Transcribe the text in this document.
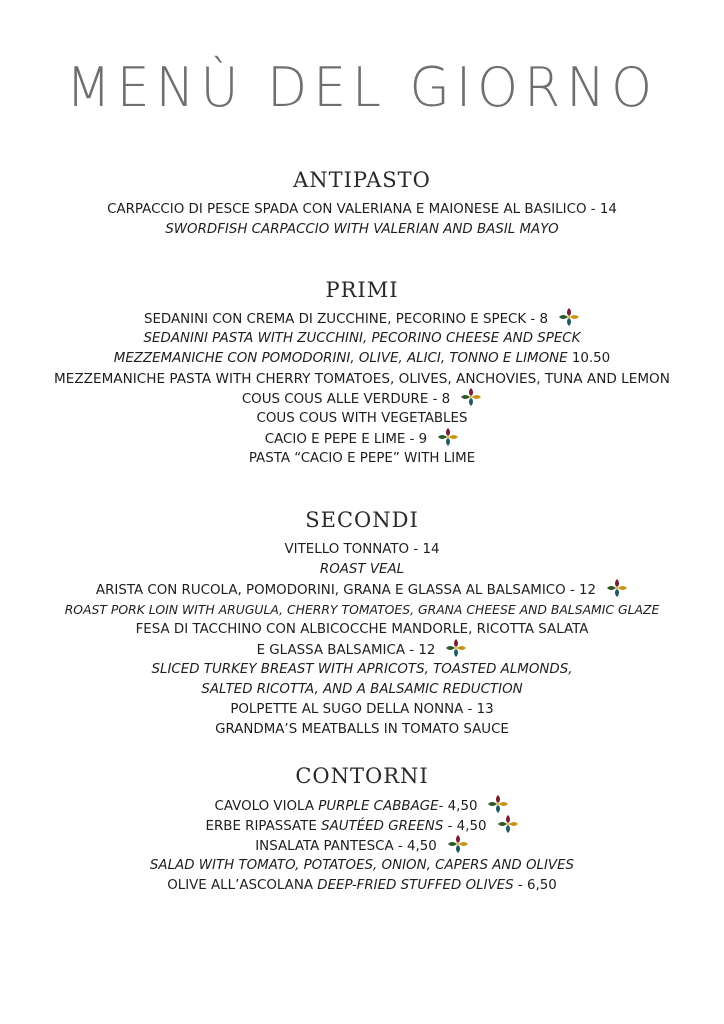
MENÙ DEL GIORNO
ANTIPASTO
CARPACCIO DI PESCE SPADA CON VALERIANA E MAIONESE AL BASILICO - 14
SWORDFISH CARPACCIO WITH VALERIAN AND BASIL MAYO
PRIMI
SEDANINI CON CREMA DI ZUCCHINE, PECORINO E SPECK - 8
SEDANINI PASTA WITH ZUCCHINI, PECORINO CHEESE AND SPECK
MEZZEMANICHE CON POMODORINI, OLIVE, ALICI, TONNO E LIMONE 10.50
MEZZEMANICHE PASTA WITH CHERRY TOMATOES, OLIVES, ANCHOVIES, TUNA AND LEMON
COUS COUS ALLE VERDURE - 8
COUS COUS WITH VEGETABLES
CACIO E PEPE E LIME - 9
PASTA “CACIO E PEPE” WITH LIME
SECONDI
VITELLO TONNATO - 14
ROAST VEAL
ARISTA CON RUCOLA, POMODORINI, GRANA E GLASSA AL BALSAMICO - 12
ROAST PORK LOIN WITH ARUGULA, CHERRY TOMATOES, GRANA CHEESE AND BALSAMIC GLAZE
FESA DI TACCHINO CON ALBICOCCHE MANDORLE, RICOTTA SALATA
E GLASSA BALSAMICA - 12
SLICED TURKEY BREAST WITH APRICOTS, TOASTED ALMONDS,
SALTED RICOTTA, AND A BALSAMIC REDUCTION
POLPETTE AL SUGO DELLA NONNA - 13
GRANDMA’S MEATBALLS IN TOMATO SAUCE
CONTORNI
CAVOLO VIOLA PURPLE CABBAGE- 4,50
ERBE RIPASSATE SAUTÉED GREENS - 4,50
INSALATA PANTESCA - 4,50
SALAD WITH TOMATO, POTATOES, ONION, CAPERS AND OLIVES
OLIVE ALL’ASCOLANA DEEP-FRIED STUFFED OLIVES - 6,50
